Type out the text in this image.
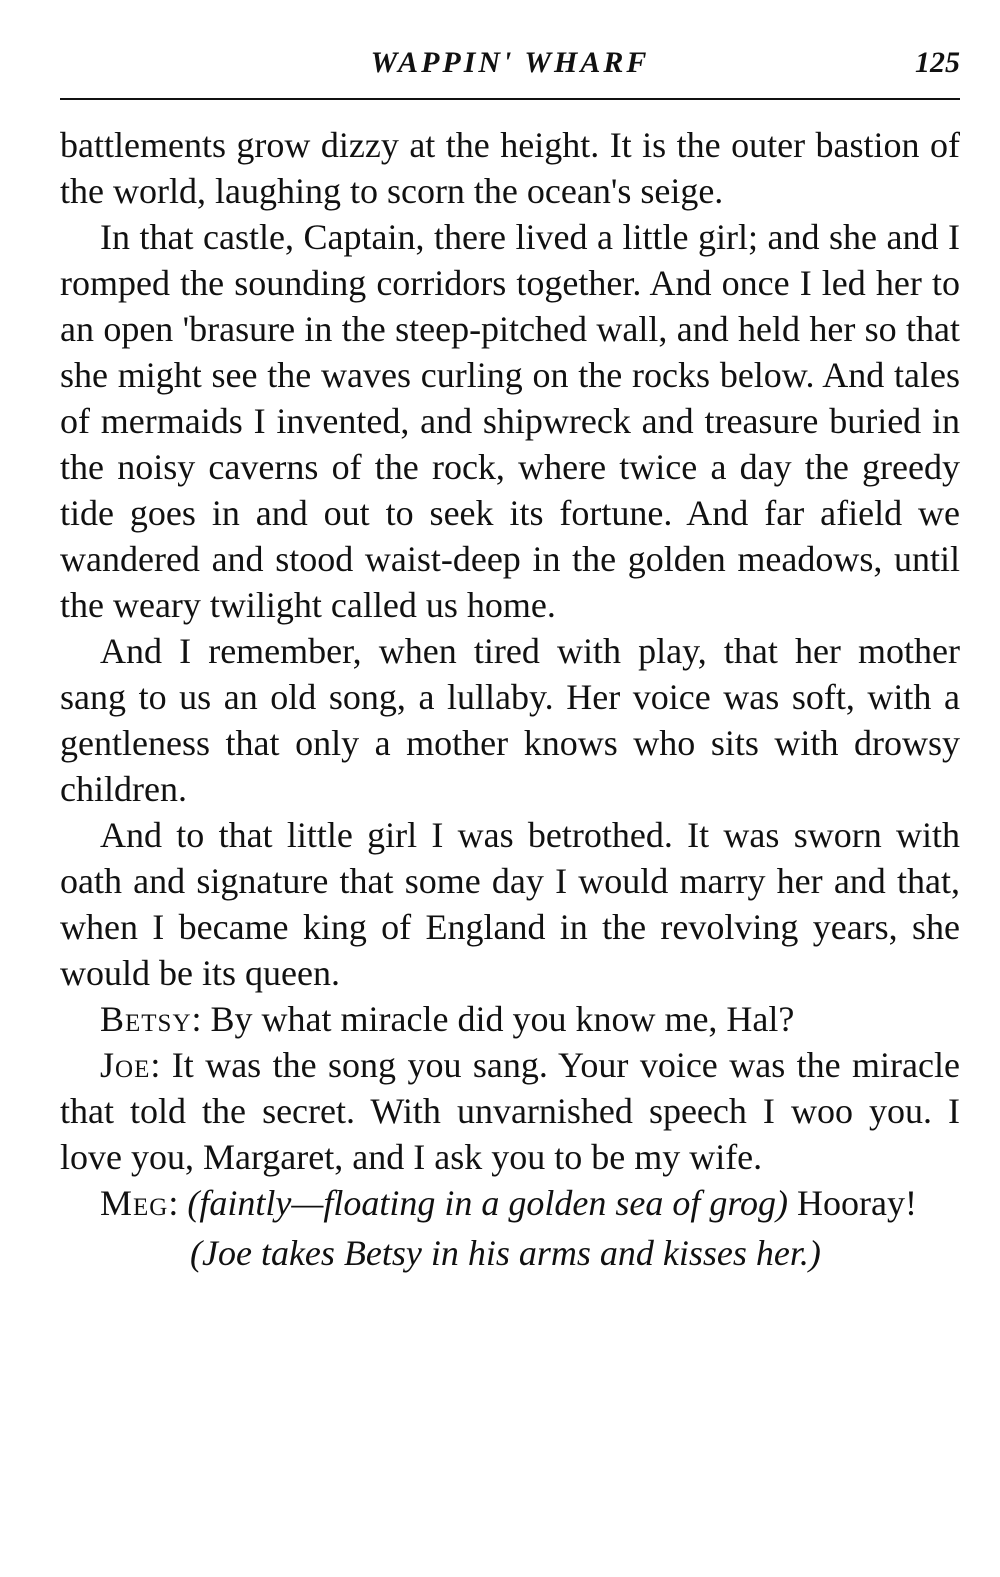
WAPPIN' WHARF	125

battlements grow dizzy at the height. It is the outer bastion of the world, laughing to scorn the ocean's seige.

In that castle, Captain, there lived a little girl; and she and I romped the sounding corridors together. And once I led her to an open 'brasure in the steep-pitched wall, and held her so that she might see the waves curling on the rocks below. And tales of mermaids I invented, and shipwreck and treasure buried in the noisy caverns of the rock, where twice a day the greedy tide goes in and out to seek its fortune. And far afield we wandered and stood waist-deep in the golden meadows, until the weary twilight called us home.

And I remember, when tired with play, that her mother sang to us an old song, a lullaby. Her voice was soft, with a gentleness that only a mother knows who sits with drowsy children.

And to that little girl I was betrothed. It was sworn with oath and signature that some day I would marry her and that, when I became king of England in the revolving years, she would be its queen.

Betsy: By what miracle did you know me, Hal?

Joe: It was the song you sang. Your voice was the miracle that told the secret. With unvarnished speech I woo you. I love you, Margaret, and I ask you to be my wife.

Meg: (faintly—floating in a golden sea of grog) Hooray!

(Joe takes Betsy in his arms and kisses her.)
